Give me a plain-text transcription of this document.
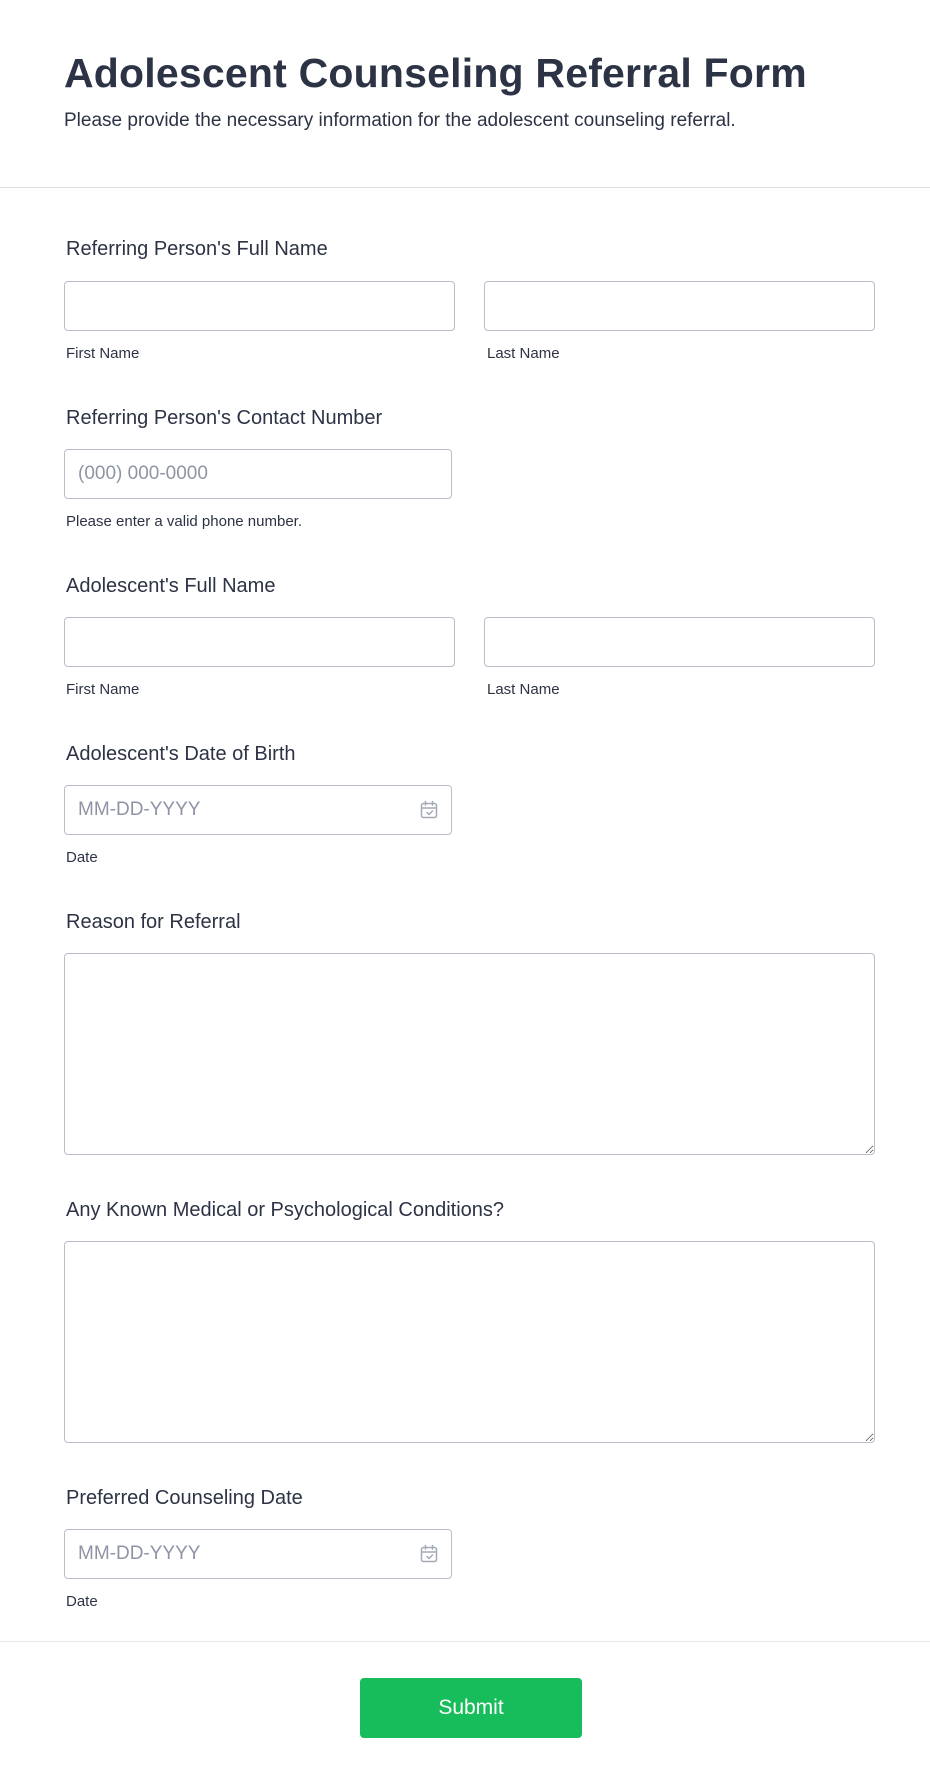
Adolescent Counseling Referral Form

Please provide the necessary information for the adolescent counseling referral.

Referring Person's Full Name
First Name	Last Name
Referring Person's Contact Number
(000) 000-0000
Please enter a valid phone number.
Adolescent's Full Name
First Name	Last Name
Adolescent's Date of Birth
MM-DD-YYYY
Date
Reason for Referral
Any Known Medical or Psychological Conditions?
Preferred Counseling Date
MM-DD-YYYY
Date
Submit
